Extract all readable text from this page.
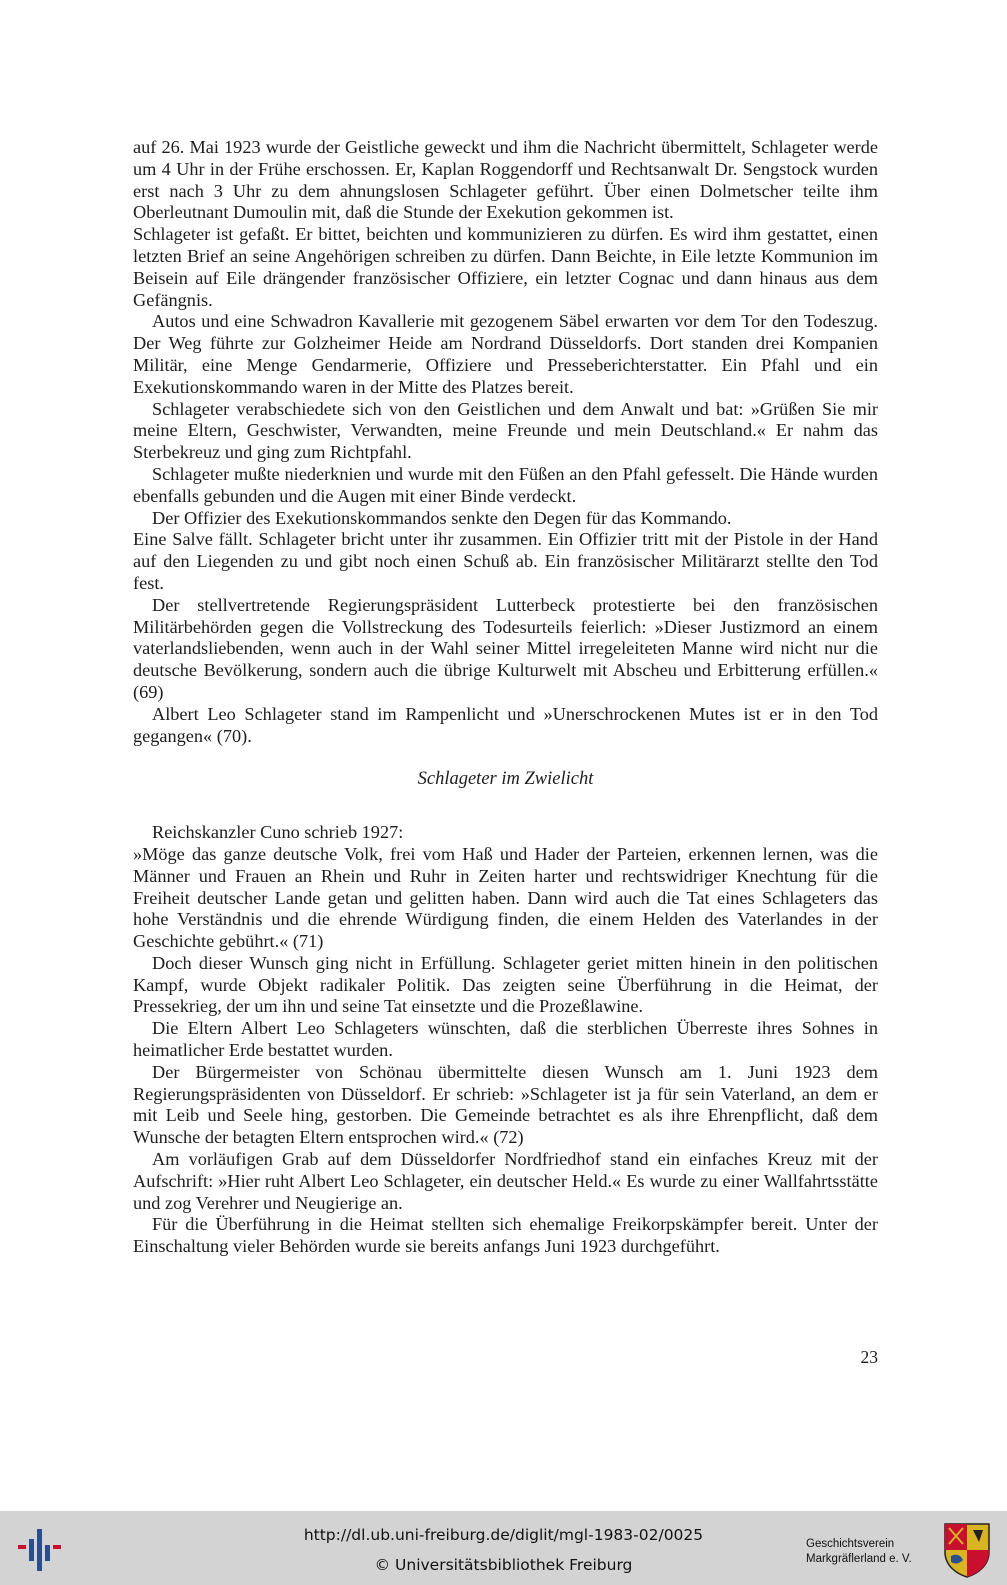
auf 26. Mai 1923 wurde der Geistliche geweckt und ihm die Nachricht übermittelt, Schlageter werde um 4 Uhr in der Frühe erschossen. Er, Kaplan Roggendorff und Rechtsanwalt Dr. Sengstock wurden erst nach 3 Uhr zu dem ahnungslosen Schlageter geführt. Über einen Dolmetscher teilte ihm Oberleutnant Dumoulin mit, daß die Stunde der Exekution gekommen ist.

Schlageter ist gefaßt. Er bittet, beichten und kommunizieren zu dürfen. Es wird ihm gestattet, einen letzten Brief an seine Angehörigen schreiben zu dürfen. Dann Beichte, in Eile letzte Kommunion im Beisein auf Eile drängender französischer Offiziere, ein letzter Cognac und dann hinaus aus dem Gefängnis.

Autos und eine Schwadron Kavallerie mit gezogenem Säbel erwarten vor dem Tor den Todeszug. Der Weg führte zur Golzheimer Heide am Nordrand Düsseldorfs. Dort standen drei Kompanien Militär, eine Menge Gendarmerie, Offiziere und Presseberichterstatter. Ein Pfahl und ein Exekutionskommando waren in der Mitte des Platzes bereit.

Schlageter verabschiedete sich von den Geistlichen und dem Anwalt und bat: »Grüßen Sie mir meine Eltern, Geschwister, Verwandten, meine Freunde und mein Deutschland.« Er nahm das Sterbekreuz und ging zum Richtpfahl.

Schlageter mußte niederknien und wurde mit den Füßen an den Pfahl gefesselt. Die Hände wurden ebenfalls gebunden und die Augen mit einer Binde verdeckt.

Der Offizier des Exekutionskommandos senkte den Degen für das Kommando.

Eine Salve fällt. Schlageter bricht unter ihr zusammen. Ein Offizier tritt mit der Pistole in der Hand auf den Liegenden zu und gibt noch einen Schuß ab. Ein französischer Militärarzt stellte den Tod fest.

Der stellvertretende Regierungspräsident Lutterbeck protestierte bei den französischen Militärbehörden gegen die Vollstreckung des Todesurteils feierlich: »Dieser Justizmord an einem vaterlandsliebenden, wenn auch in der Wahl seiner Mittel irregeleiteten Manne wird nicht nur die deutsche Bevölkerung, sondern auch die übrige Kulturwelt mit Abscheu und Erbitterung erfüllen.« (69)

Albert Leo Schlageter stand im Rampenlicht und »Unerschrockenen Mutes ist er in den Tod gegangen« (70).

Schlageter im Zwielicht

Reichskanzler Cuno schrieb 1927:

»Möge das ganze deutsche Volk, frei vom Haß und Hader der Parteien, erkennen lernen, was die Männer und Frauen an Rhein und Ruhr in Zeiten harter und rechtswidriger Knechtung für die Freiheit deutscher Lande getan und gelitten haben. Dann wird auch die Tat eines Schlageters das hohe Verständnis und die ehrende Würdigung finden, die einem Helden des Vaterlandes in der Geschichte gebührt.« (71)

Doch dieser Wunsch ging nicht in Erfüllung. Schlageter geriet mitten hinein in den politischen Kampf, wurde Objekt radikaler Politik. Das zeigten seine Überführung in die Heimat, der Pressekrieg, der um ihn und seine Tat einsetzte und die Prozeßlawine.

Die Eltern Albert Leo Schlageters wünschten, daß die sterblichen Überreste ihres Sohnes in heimatlicher Erde bestattet wurden.

Der Bürgermeister von Schönau übermittelte diesen Wunsch am 1. Juni 1923 dem Regierungspräsidenten von Düsseldorf. Er schrieb: »Schlageter ist ja für sein Vaterland, an dem er mit Leib und Seele hing, gestorben. Die Gemeinde betrachtet es als ihre Ehrenpflicht, daß dem Wunsche der betagten Eltern entsprochen wird.« (72)

Am vorläufigen Grab auf dem Düsseldorfer Nordfriedhof stand ein einfaches Kreuz mit der Aufschrift: »Hier ruht Albert Leo Schlageter, ein deutscher Held.« Es wurde zu einer Wallfahrtsstätte und zog Verehrer und Neugierige an.

Für die Überführung in die Heimat stellten sich ehemalige Freikorpskämpfer bereit. Unter der Einschaltung vieler Behörden wurde sie bereits anfangs Juni 1923 durchgeführt.

23
http://dl.ub.uni-freiburg.de/diglit/mgl-1983-02/0025
© Universitätsbibliothek Freiburg
Geschichtsverein
Markgräflerland e. V.
